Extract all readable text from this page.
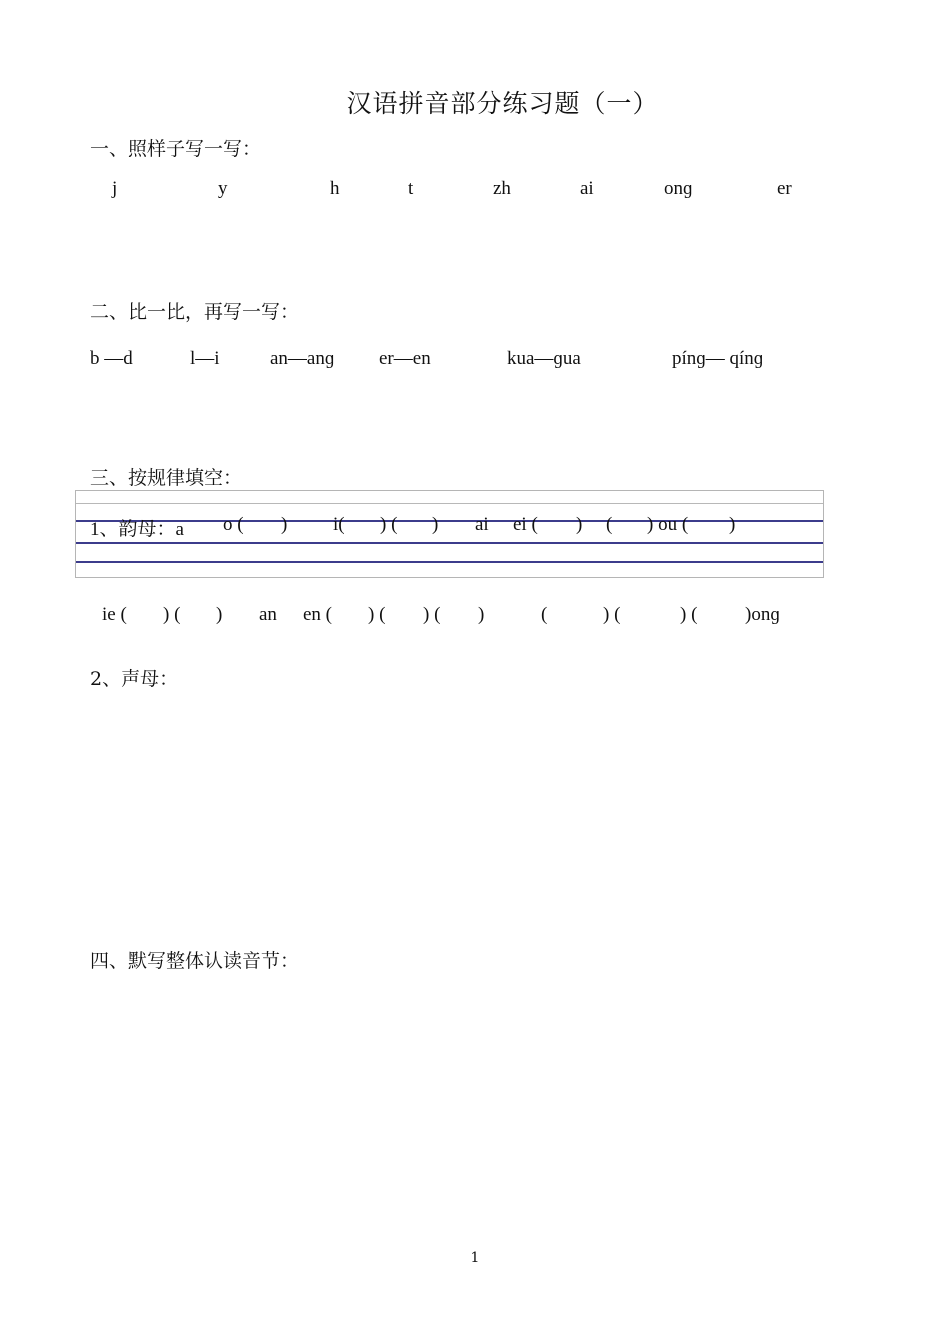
汉语拼音部分练习题（一）
一、照样子写一写：
j	y	h	t	zh	ai	onɡ	er
二、比一比，再写一写：
b —d	l—i	an—anɡ er—en	kua—ɡua	pínɡ— qínɡ
三、按规律填空：
1、韵母：a o ( ) i( ) ( ) ai ei ( ) ( ) ou ( )
ie ( ) ( ) an en ( ) ( ) ( )	(	) (	) (	)onɡ
2、声母：
四、默写整体认读音节：
1
